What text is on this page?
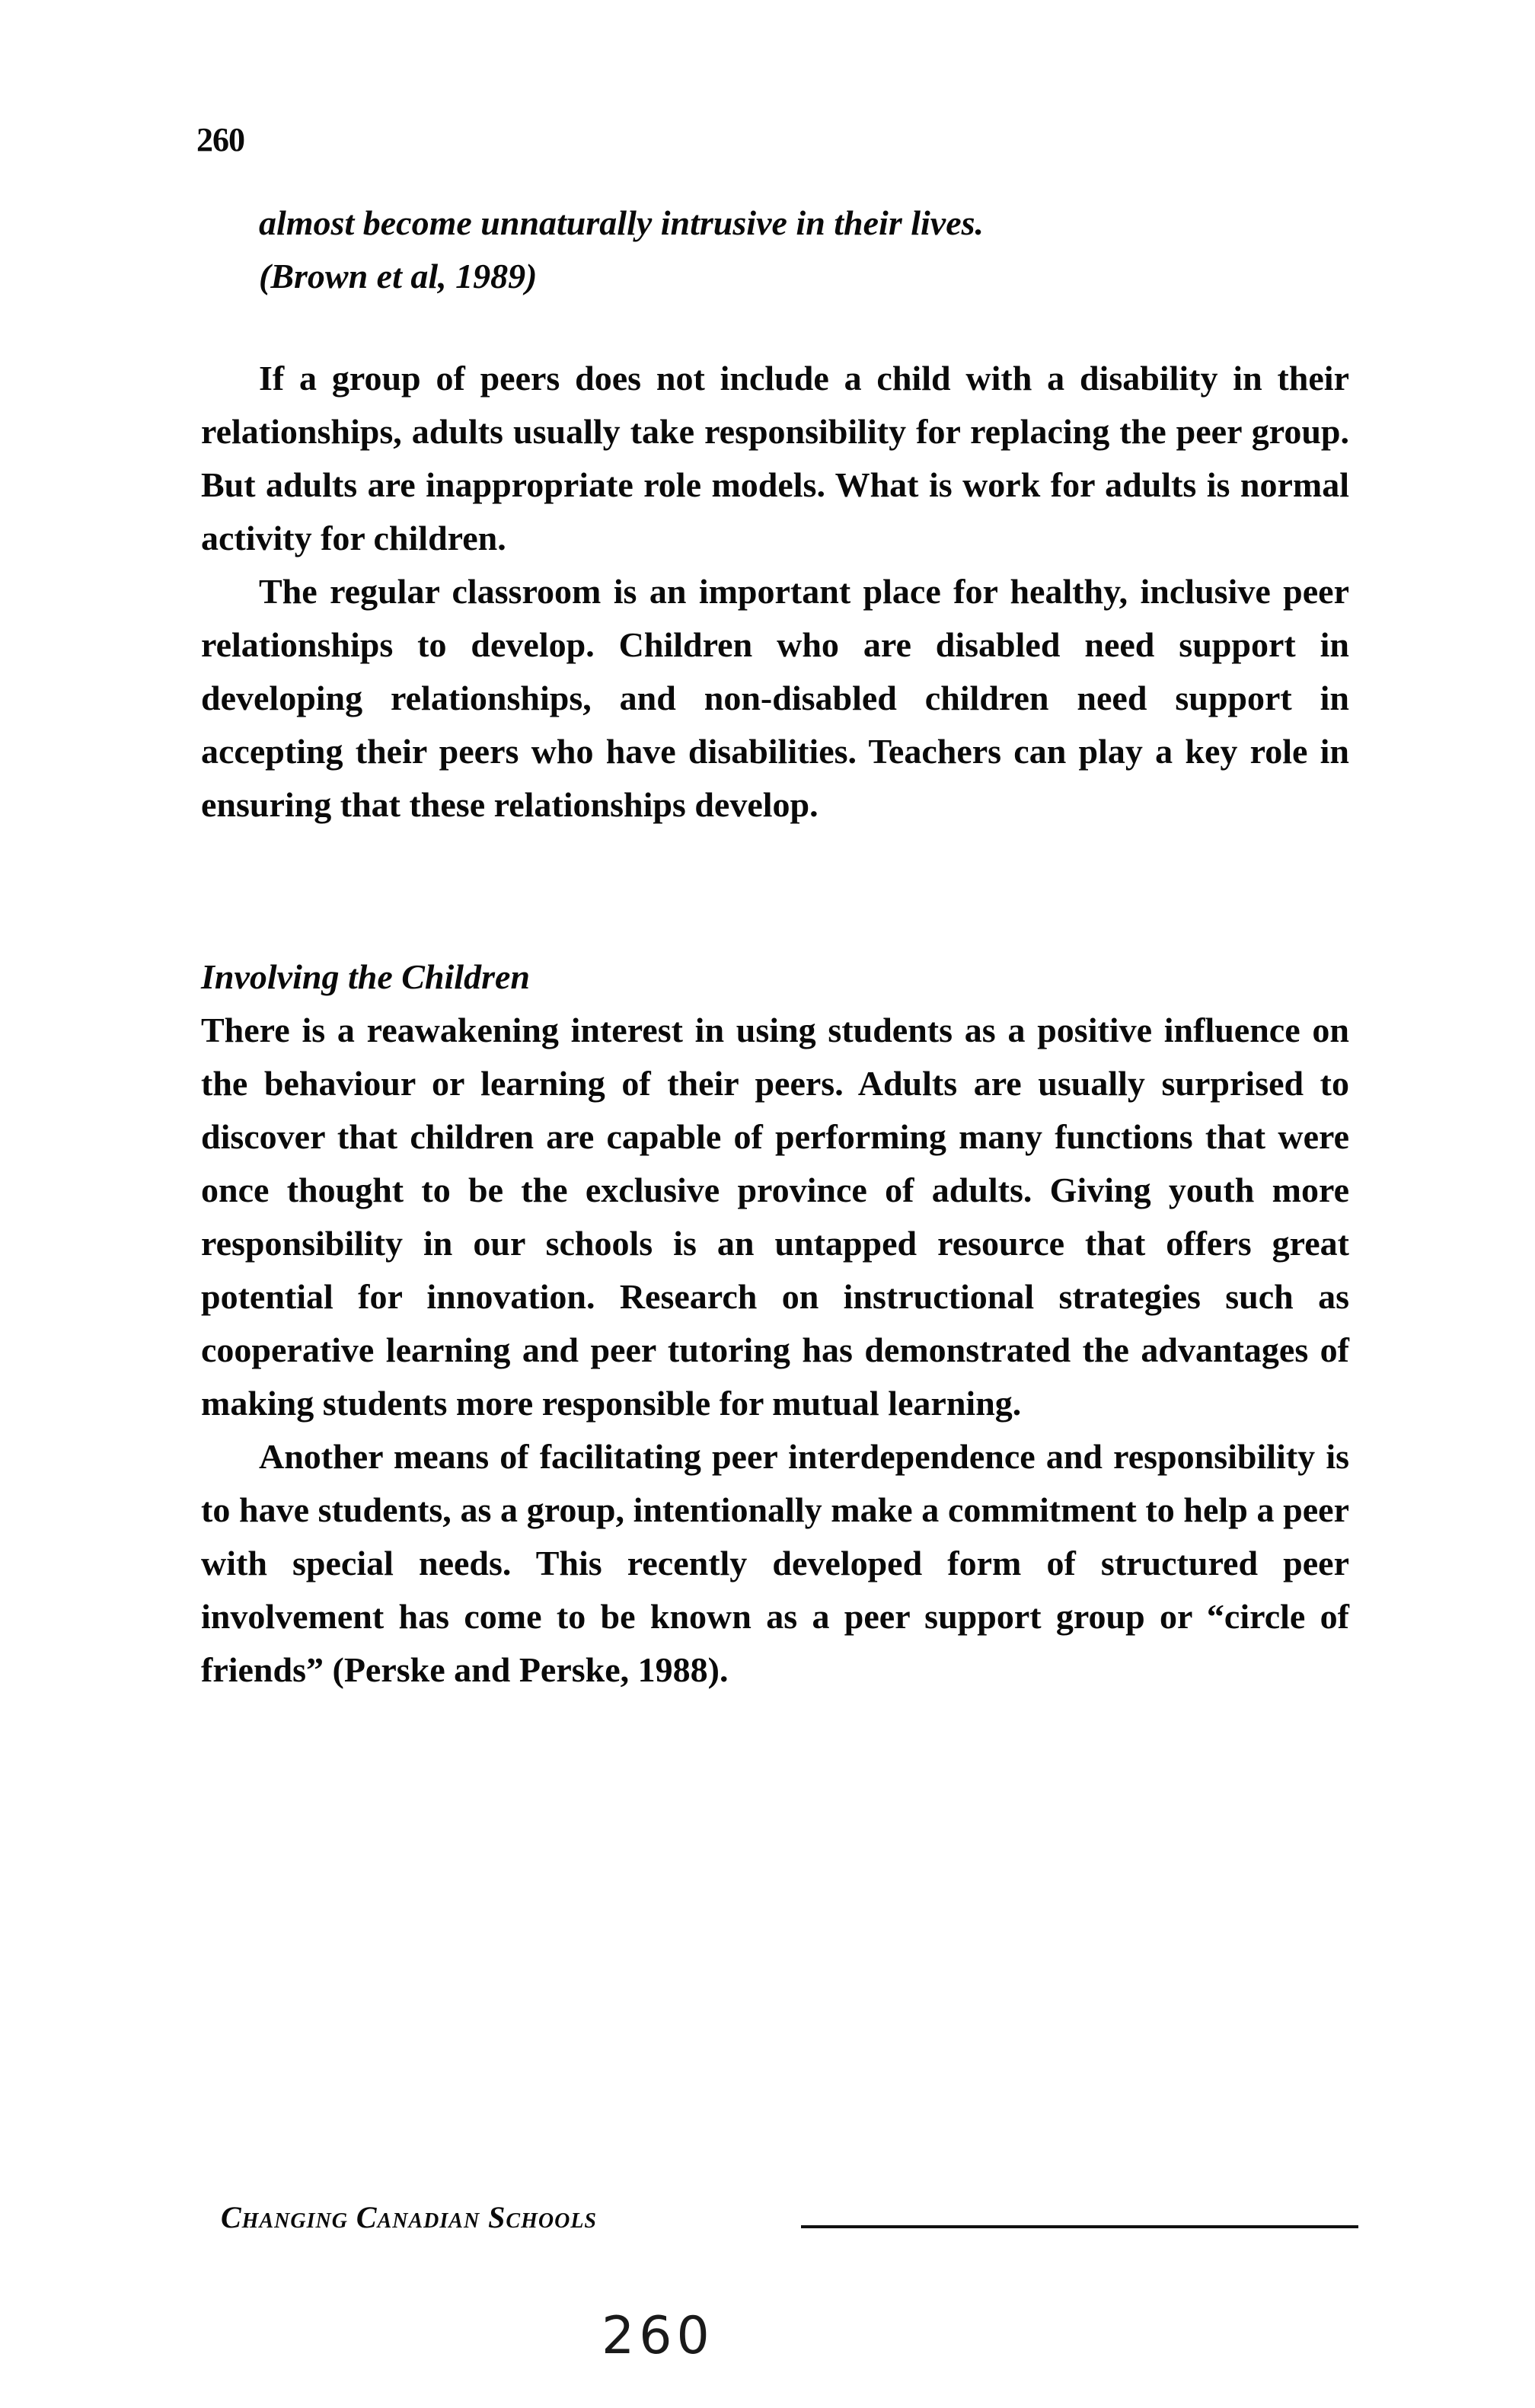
260

almost become unnaturally intrusive in their lives.

(Brown et al, 1989)

If a group of peers does not include a child with a disability in their relationships, adults usually take responsibility for replacing the peer group. But adults are inappropriate role models. What is work for adults is normal activity for children.

The regular classroom is an important place for healthy, inclusive peer relationships to develop. Children who are disabled need support in developing relationships, and non-disabled children need support in accepting their peers who have disabilities. Teachers can play a key role in ensuring that these relationships develop.

Involving the Children

There is a reawakening interest in using students as a positive influence on the behaviour or learning of their peers. Adults are usually surprised to discover that children are capable of performing many functions that were once thought to be the exclusive province of adults. Giving youth more responsibility in our schools is an untapped resource that offers great potential for innovation. Research on instructional strategies such as cooperative learning and peer tutoring has demonstrated the advantages of making students more responsible for mutual learning.

Another means of facilitating peer interdependence and responsibility is to have students, as a group, intentionally make a commitment to help a peer with special needs. This recently developed form of structured peer involvement has come to be known as a peer support group or “circle of friends” (Perske and Perske, 1988).

Changing Canadian Schools
260
